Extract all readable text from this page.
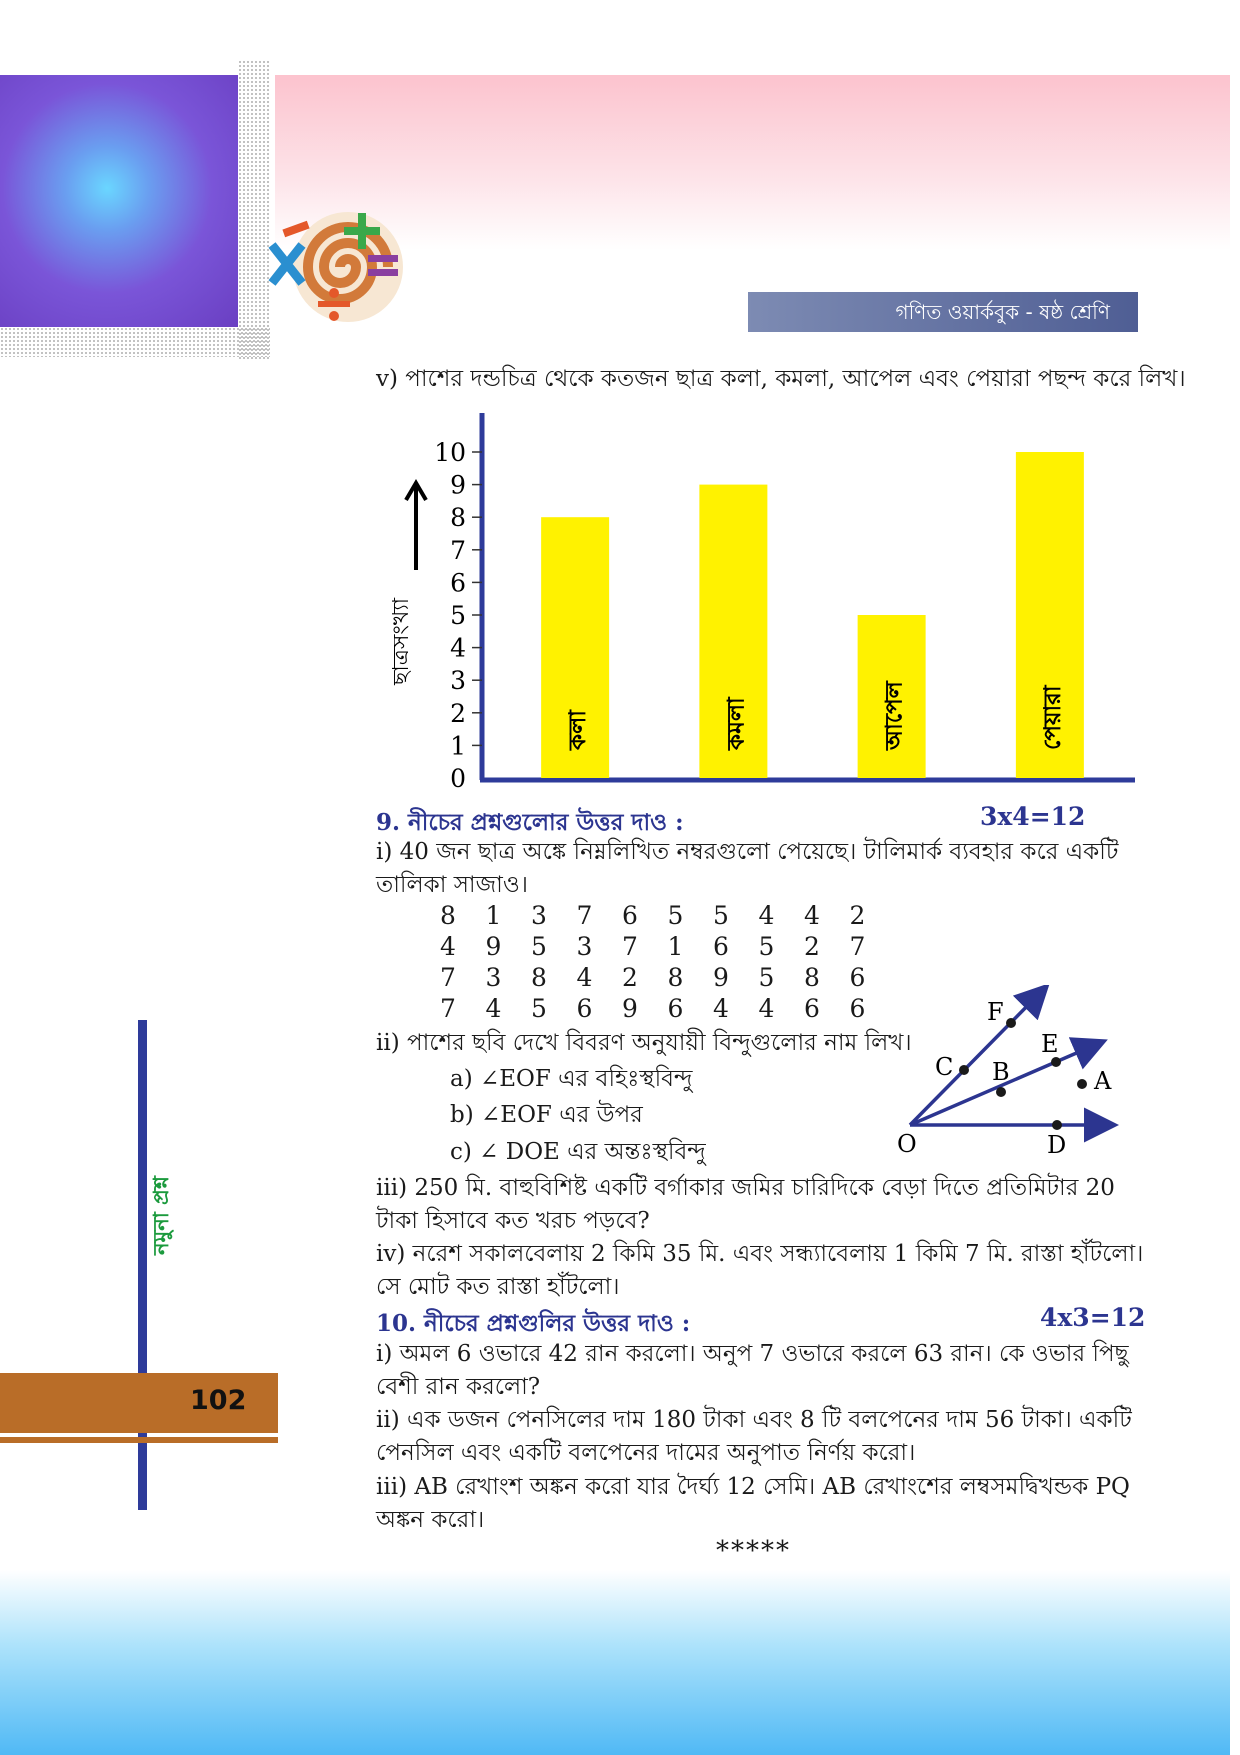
গণিত ওয়ার্কবুক - ষষ্ঠ শ্রেণি
v) পাশের দন্ডচিত্র থেকে কতজন ছাত্র কলা, কমলা, আপেল এবং পেয়ারা পছন্দ করে লিখ।
কলা	কমলা	আপেল	পেয়ারা
0
1
2
3
4
5
6
7
8
9
10
ছাত্রসংখ্যা
9. নীচের প্রশ্নগুলোর উত্তর দাও :	3x4=12
i) 40 জন ছাত্র অঙ্কে নিম্নলিখিত নম্বরগুলো পেয়েছে। টালিমার্ক ব্যবহার করে একটি
তালিকা সাজাও।
8	1	3	7	6	5	5	4	4	2
4	9	5	3	7	1	6	5	2	7
7	3	8	4	2	8	9	5	8	6
7	4	5	6	9	6	4	4	6	6
ii) পাশের ছবি দেখে বিবরণ অনুযায়ী বিন্দুগুলোর নাম লিখ।
a) ∠EOF এর বহিঃস্থবিন্দু
b) ∠EOF এর উপর
c) ∠ DOE এর অন্তঃস্থবিন্দু
F
C B
E
A
O	D
iii) 250 মি. বাহুবিশিষ্ট একটি বর্গাকার জমির চারিদিকে বেড়া দিতে প্রতিমিটার 20
টাকা হিসাবে কত খরচ পড়বে?
iv) নরেশ সকালবেলায় 2 কিমি 35 মি. এবং সন্ধ্যাবেলায় 1 কিমি 7 মি. রাস্তা হাঁটলো।
সে মোট কত রাস্তা হাঁটলো।
10. নীচের প্রশ্নগুলির উত্তর দাও :	4x3=12
i) অমল 6 ওভারে 42 রান করলো। অনুপ 7 ওভারে করলে 63 রান। কে ওভার পিছু
বেশী রান করলো?
ii) এক ডজন পেনসিলের দাম 180 টাকা এবং 8 টি বলপেনের দাম 56 টাকা। একটি
পেনসিল এবং একটি বলপেনের দামের অনুপাত নির্ণয় করো।
iii) AB রেখাংশ অঙ্কন করো যার দৈর্ঘ্য 12 সেমি। AB রেখাংশের লম্বসমদ্বিখন্ডক PQ
অঙ্কন করো।
*****
নমুনা প্রশ্ন
102
